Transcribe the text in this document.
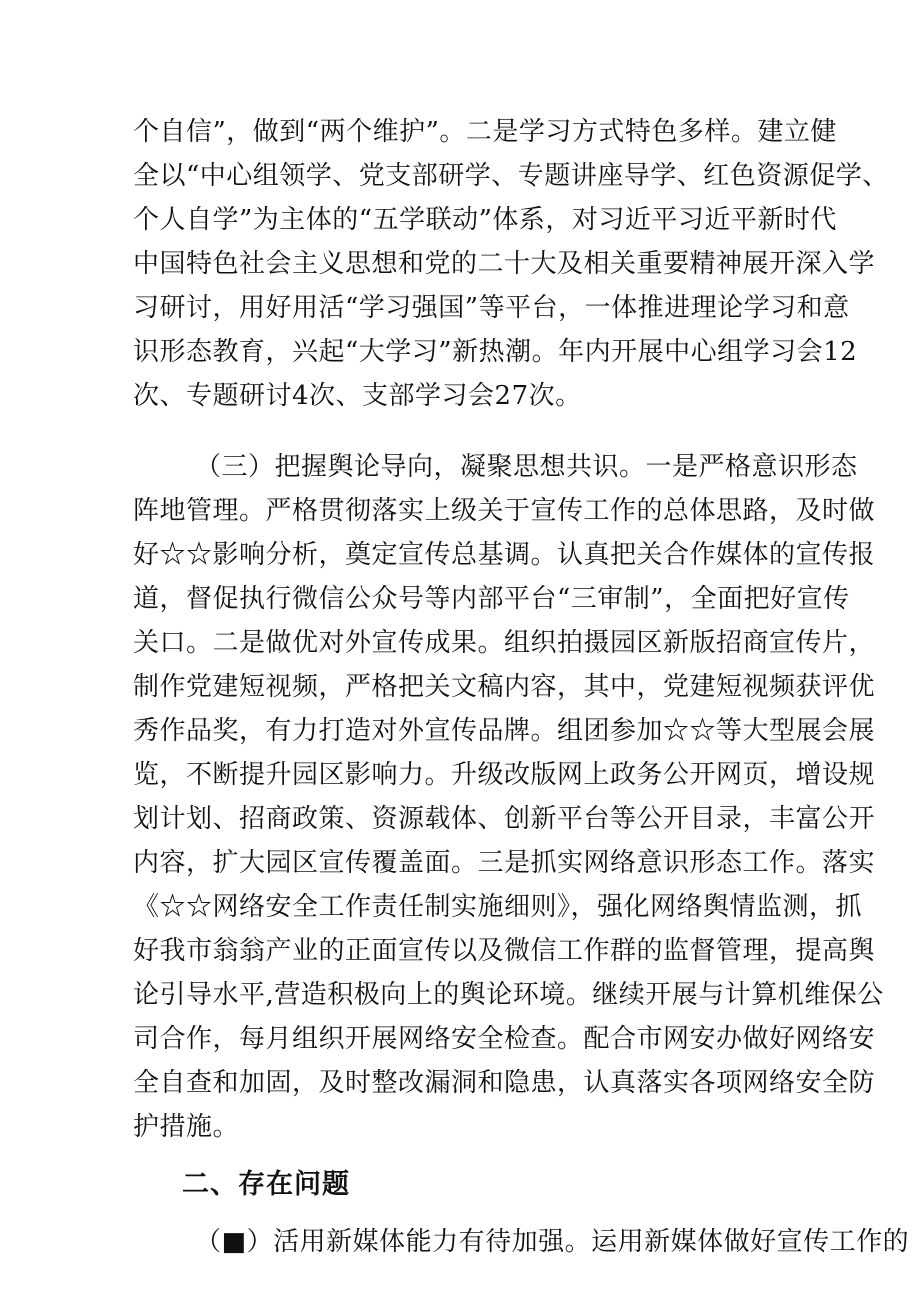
个自信”，做到“两个维护”。二是学习方式特色多样。建立健
全以“中心组领学、党支部研学、专题讲座导学、红色资源促学、
个人自学”为主体的“五学联动”体系，对习近平习近平新时代
中国特色社会主义思想和党的二十大及相关重要精神展开深入学
习研讨，用好用活“学习强国”等平台，一体推进理论学习和意
识形态教育，兴起“大学习”新热潮。年内开展中心组学习会12
次、专题研讨4次、支部学习会27次。
（三）把握舆论导向，凝聚思想共识。一是严格意识形态
阵地管理。严格贯彻落实上级关于宣传工作的总体思路，及时做
好☆☆影响分析，奠定宣传总基调。认真把关合作媒体的宣传报
道，督促执行微信公众号等内部平台“三审制”，全面把好宣传
关口。二是做优对外宣传成果。组织拍摄园区新版招商宣传片，
制作党建短视频，严格把关文稿内容，其中，党建短视频获评优
秀作品奖，有力打造对外宣传品牌。组团参加☆☆等大型展会展
览，不断提升园区影响力。升级改版网上政务公开网页，增设规
划计划、招商政策、资源载体、创新平台等公开目录，丰富公开
内容，扩大园区宣传覆盖面。三是抓实网络意识形态工作。落实
《☆☆网络安全工作责任制实施细则》，强化网络舆情监测，抓
好我市翁翁产业的正面宣传以及微信工作群的监督管理，提高舆
论引导水平,营造积极向上的舆论环境。继续开展与计算机维保公
司合作，每月组织开展网络安全检查。配合市网安办做好网络安
全自查和加固，及时整改漏洞和隐患，认真落实各项网络安全防
护措施。
二、存在问题
（■）活用新媒体能力有待加强。运用新媒体做好宣传工作的
